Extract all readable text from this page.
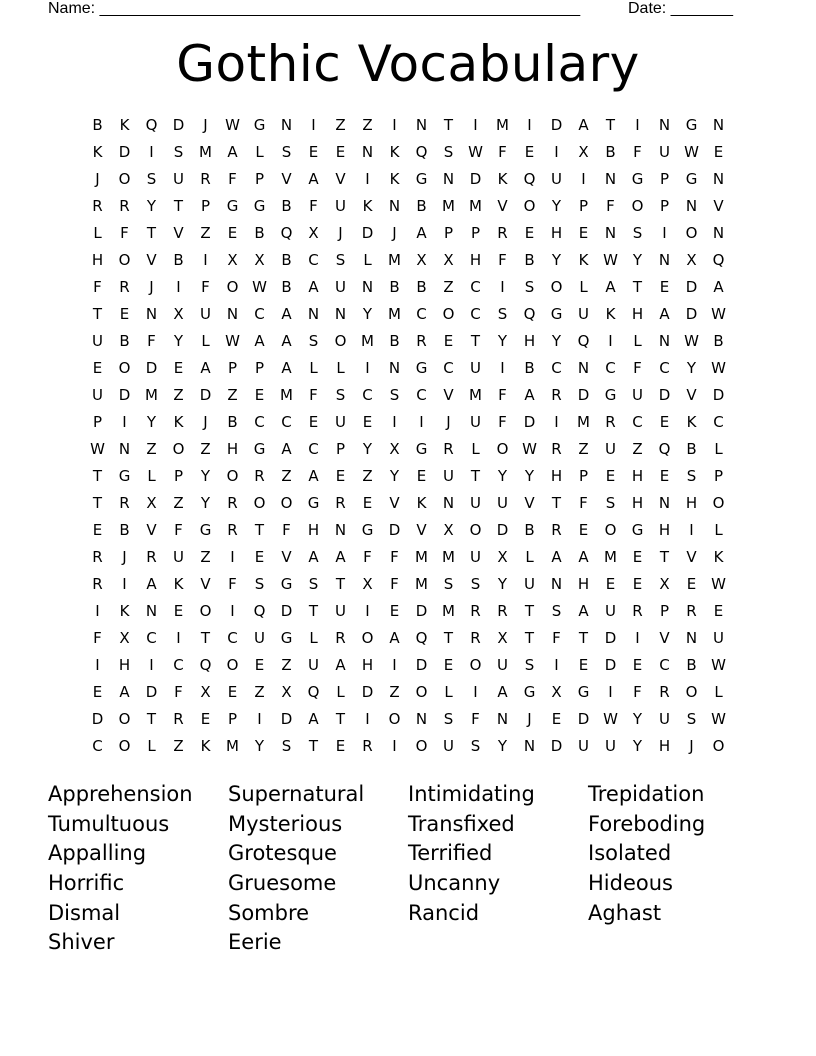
Name: ______________________________________________________	Date: _______
Gothic Vocabulary
B	K	Q	D	J	W G	N	I	Z	Z	I	N	T	I	M	I	D	A	T	I	N	G	N
K	D	I	S	M	A	L	S	E	E	N	K	Q	S W	F	E	I	X	B	F	U W E
J	O	S	U	R	F	P	V	A	V	I	K	G	N	D	K	Q	U	I	N	G	P	G	N
R	R	Y	T	P	G	G	B	F	U	K	N	B	M M	V	O	Y	P	F	O	P	N	V
L	F	T	V	Z	E	B	Q	X	J	D	J	A	P	P	R	E	H	E	N	S	I	O	N
H	O	V	B	I	X	X	B	C	S	L	M	X	X	H	F	B	Y	K W Y	N	X	Q
F	R	J	I	F	O W B	A	U	N	B	B	Z	C	I	S	O	L	A	T	E	D	A
T	E	N	X	U	N	C	A	N	N	Y	M	C	O	C	S	Q	G	U	K	H	A	D W
U	B	F	Y	L	W A	A	S	O M	B	R	E	T	Y	H	Y	Q	I	L	N W B
E	O	D	E	A	P	P	A	L	L	I	N	G	C	U	I	B	C	N	C	F	C	Y	W
U	D M	Z	D	Z	E	M	F	S	C	S	C	V	M	F	A	R	D	G	U	D	V	D
P	I	Y	K	J	B	C	C	E	U	E	I	I	J	U	F	D	I	M	R	C	E	K	C
W N	Z	O	Z	H	G	A	C	P	Y	X	G	R	L	O W R	Z	U	Z	Q	B	L
T	G	L	P	Y	O	R	Z	A	E	Z	Y	E	U	T	Y	Y	H	P	E	H	E	S	P
T	R	X	Z	Y	R	O	O	G	R	E	V	K	N	U	U	V	T	F	S	H	N	H	O
E	B	V	F	G	R	T	F	H	N	G	D	V	X	O	D	B	R	E	O	G	H	I	L
R	J	R	U	Z	I	E	V	A	A	F	F	M M	U	X	L	A	A	M	E	T	V	K
R	I	A	K	V	F	S	G	S	T	X	F	M	S	S	Y	U	N	H	E	E	X	E W
I	K	N	E	O	I	Q	D	T	U	I	E	D M	R	R	T	S	A	U	R	P	R	E
F	X	C	I	T	C	U	G	L	R	O	A	Q	T	R	X	T	F	T	D	I	V	N	U
I	H	I	C	Q	O	E	Z	U	A	H	I	D	E	O	U	S	I	E	D	E	C	B W
E	A	D	F	X	E	Z	X	Q	L	D	Z	O	L	I	A	G	X	G	I	F	R	O	L
D	O	T	R	E	P	I	D	A	T	I	O	N	S	F	N	J	E	D W Y	U	S W
C	O	L	Z	K	M	Y	S	T	E	R	I	O	U	S	Y	N	D	U	U	Y	H	J	O
Apprehension
Tumultuous
Appalling
Horrific
Dismal
Shiver
Supernatural
Mysterious
Grotesque
Gruesome
Sombre
Eerie
Intimidating
Transfixed
Terrified
Uncanny
Rancid
Trepidation
Foreboding
Isolated
Hideous
Aghast
